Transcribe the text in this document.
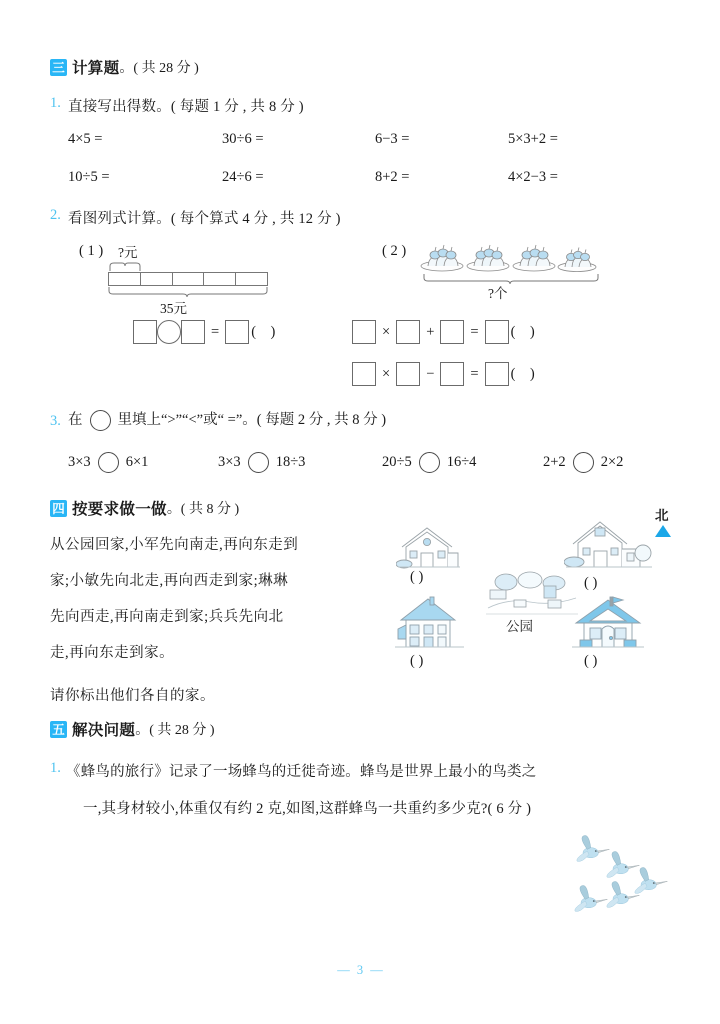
三 计算题 。( 共 28 分 )
1. 直接写出得数。( 每题 1 分 , 共 8 分 )
4×5 =	30÷6 =	6−3 =	5×3+2 =
10÷5 =	24÷6 =	8+2 =	4×2−3 =
2. 看图列式计算。( 每个算式 4 分 , 共 12 分 )
( 1 ) ?元
35元
( 2 )
?个
= (    )	× + = (    )
× − = (    )
3. 在 里填上“>”“<”或“ =”。( 每题 2 分 , 共 8 分 )
3×3 6×1	3×3 18÷3	20÷5 16÷4	2+2 2×2
四 按要求做一做 。( 共 8 分 )
从公园回家,小军先向南走,再向东走到
家;小敏先向北走,再向西走到家;琳琳
先向西走,再向南走到家;兵兵先向北
走,再向东走到家。
请你标出他们各自的家。
( )	( )
公园
( )	( )
北
五 解决问题 。( 共 28 分 )
1. 《蜂鸟的旅行》记录了一场蜂鸟的迁徙奇迹。蜂鸟是世界上最小的鸟类之
一,其身材较小,体重仅有约 2 克,如图,这群蜂鸟一共重约多少克?( 6 分 )
— 3 —
